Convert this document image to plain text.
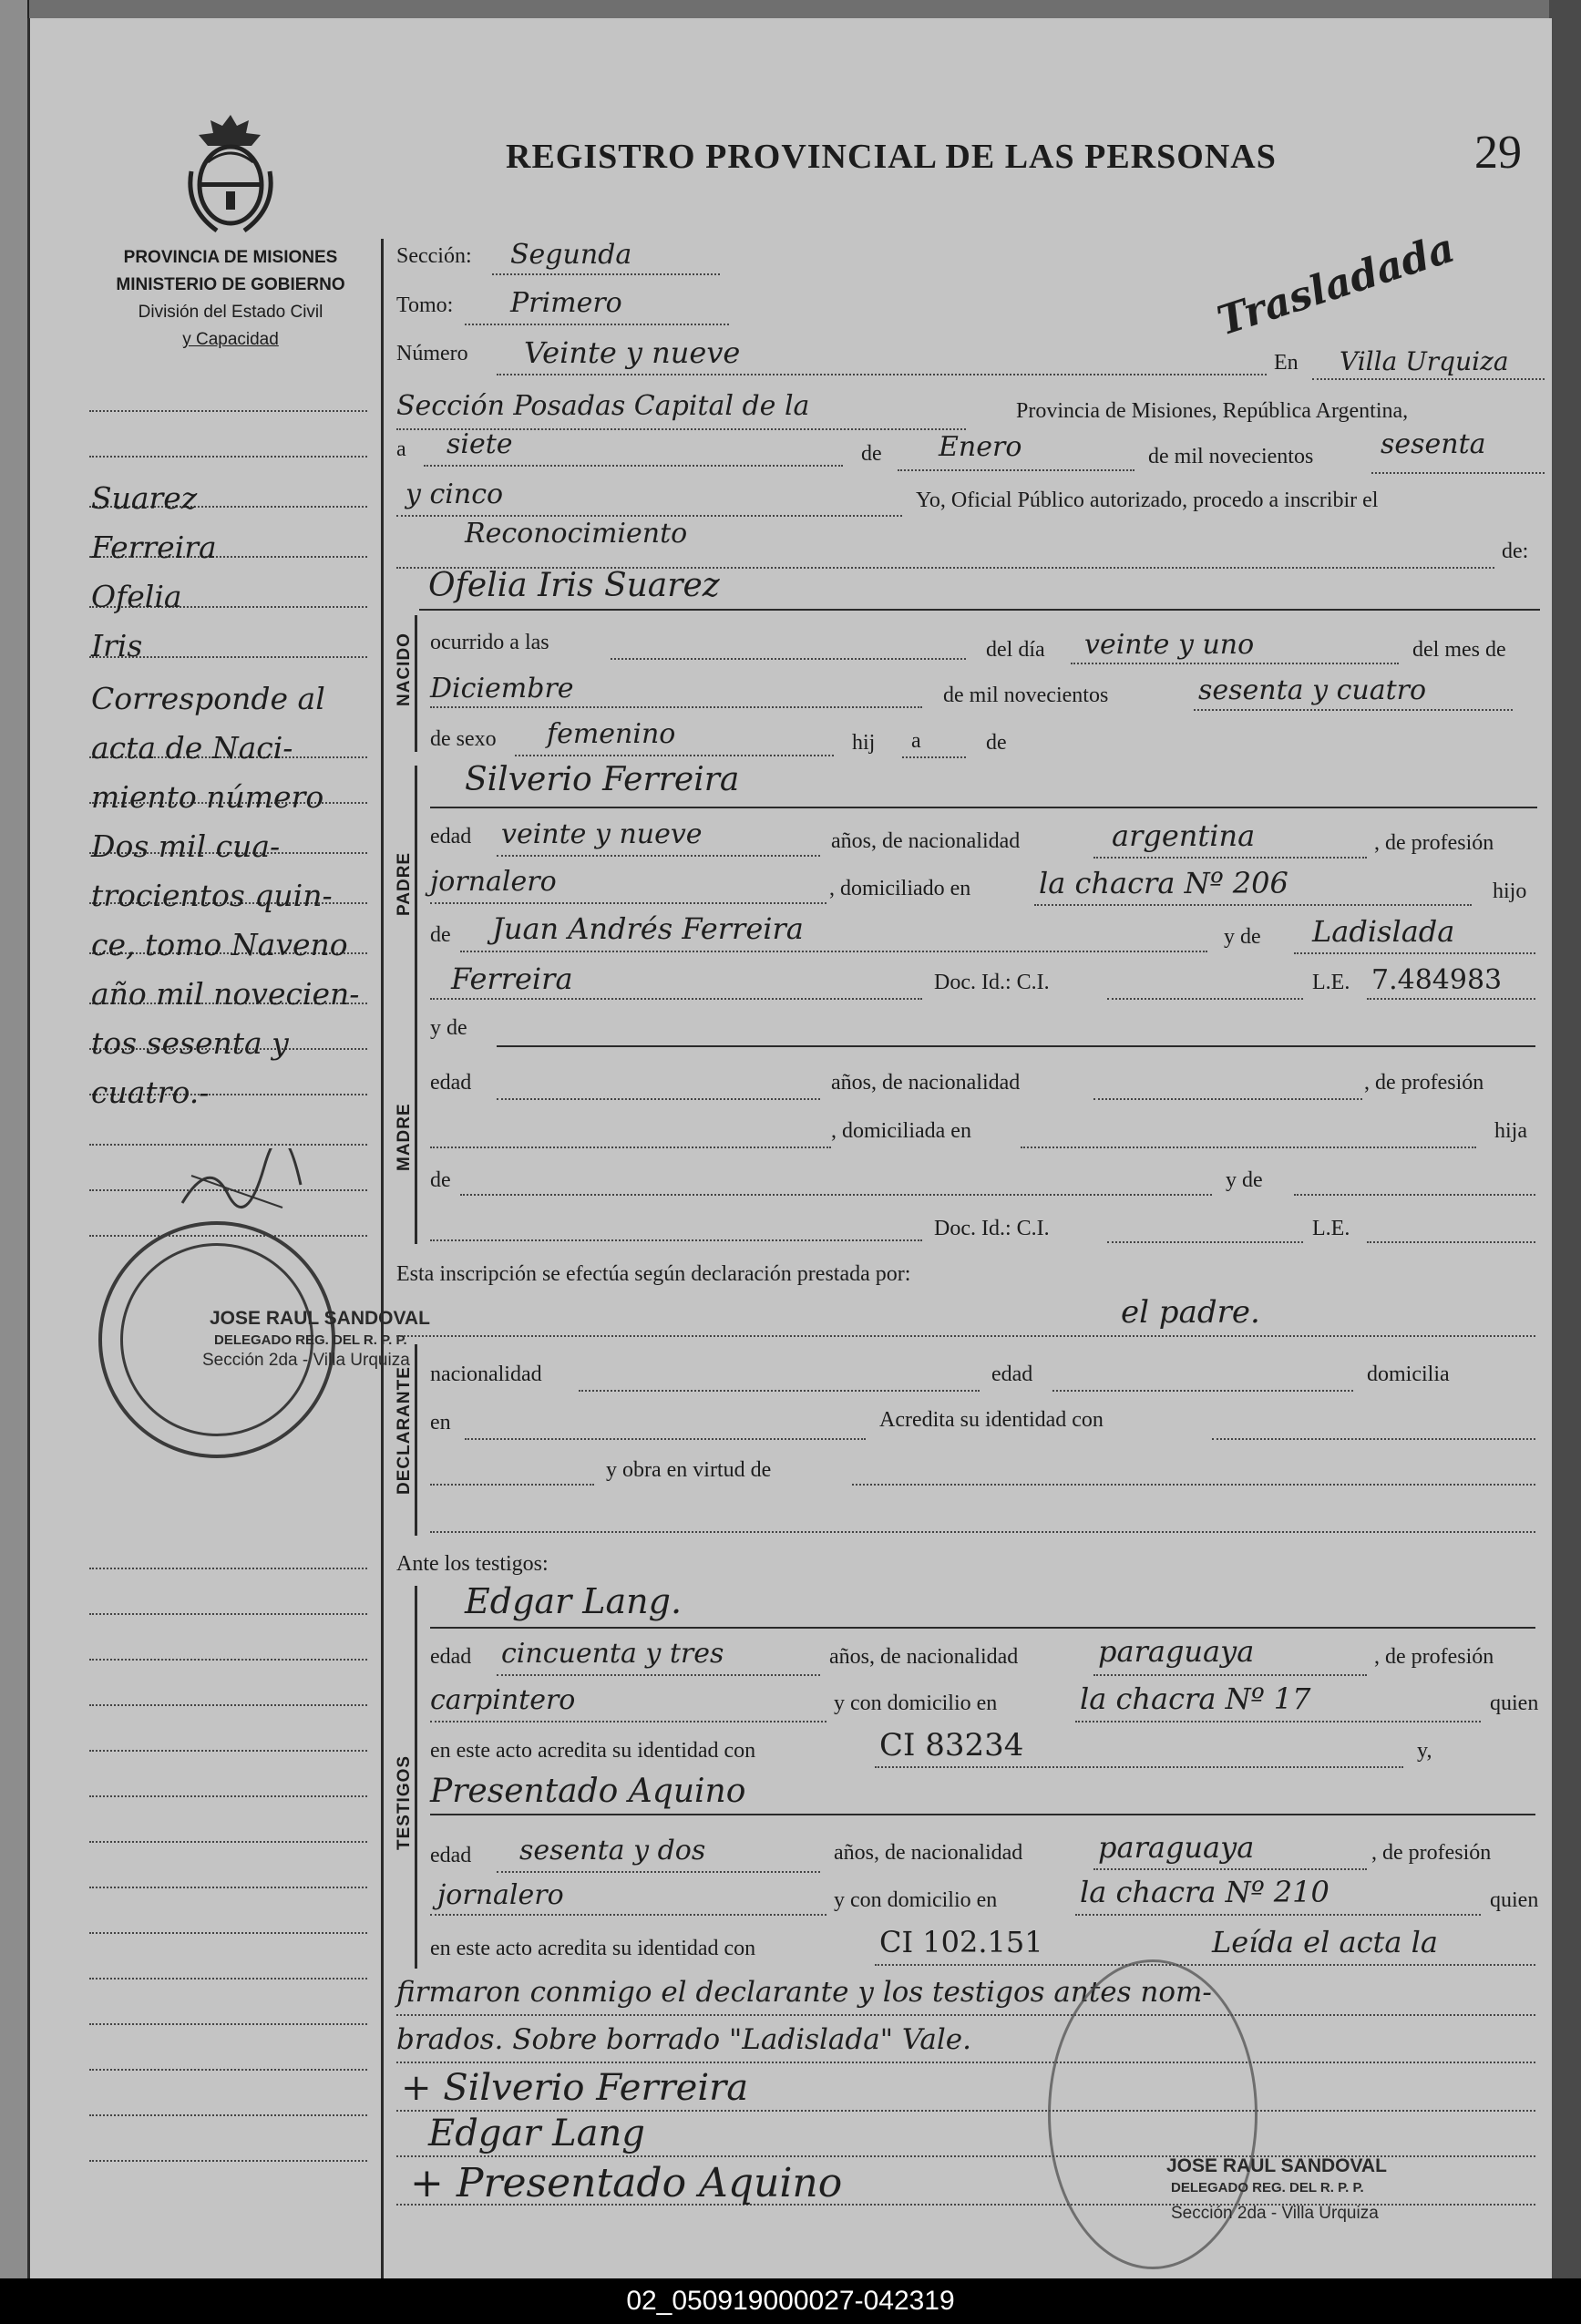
PROVINCIA DE MISIONES
MINISTERIO DE GOBIERNO
División del Estado Civil
y Capacidad
REGISTRO PROVINCIAL DE LAS PERSONAS	29
Trasladada
Suarez
Ferreira
Ofelia
Iris
Corresponde al
acta de Naci-
miento número
Dos mil cua-
trocientos quin-
ce, tomo Naveno
año mil novecien-
tos sesenta y
cuatro.-
JOSE RAUL SANDOVAL
DELEGADO REG. DEL R. P. P.
Sección 2da - Villa Urquiza
Sección: Segunda
Tomo: Primero
Número Veinte y nueve	En Villa Urquiza
Sección Posadas Capital de la	Provincia de Misiones, República Argentina,
a siete	de Enero	de mil novecientos sesenta
y cinco	Yo, Oficial Público autorizado, procedo a inscribir el
Reconocimiento
de:
Ofelia Iris Suarez
NACIDO ocurrido a las	del día veinte y uno	del mes de
Diciembre	de mil novecientos	sesenta y cuatro
de sexo femenino	hij a	de
PADRE
Silverio Ferreira
edad veinte y nueve	años, de nacionalidad	argentina	, de profesión
jornalero	, domiciliado en la chacra Nº 206	hijo
de Juan Andrés Ferreira	y de Ladislada
Ferreira	Doc. Id.: C.I.	L.E. 7.484983
MADRE
y de
edad	años, de nacionalidad	, de profesión
, domiciliada en	hija
de	y de
Doc. Id.: C.I.	L.E.
Esta inscripción se efectúa según declaración prestada por:
el padre.
DECLARANTE nacionalidad	edad	domicilia
en	Acredita su identidad con
y obra en virtud de
Ante los testigos:
TESTIGOS
Edgar Lang.
edad cincuenta y tres	años, de nacionalidad	paraguaya	, de profesión
carpintero	y con domicilio en	la chacra Nº 17	quien
en este acto acredita su identidad con	CI 83234	y,
Presentado Aquino
edad sesenta y dos	años, de nacionalidad	paraguaya	, de profesión
jornalero	y con domicilio en	la chacra Nº 210	quien
en este acto acredita su identidad con	CI 102.151	Leída el acta la
firmaron conmigo el declarante y los testigos antes nom-
brados. Sobre borrado "Ladislada" Vale.
+ Silverio Ferreira
Edgar Lang
+ Presentado Aquino	JOSE RAUL SANDOVAL
DELEGADO REG. DEL R. P. P.
Sección 2da - Villa Urquiza
02_050919000027-042319
